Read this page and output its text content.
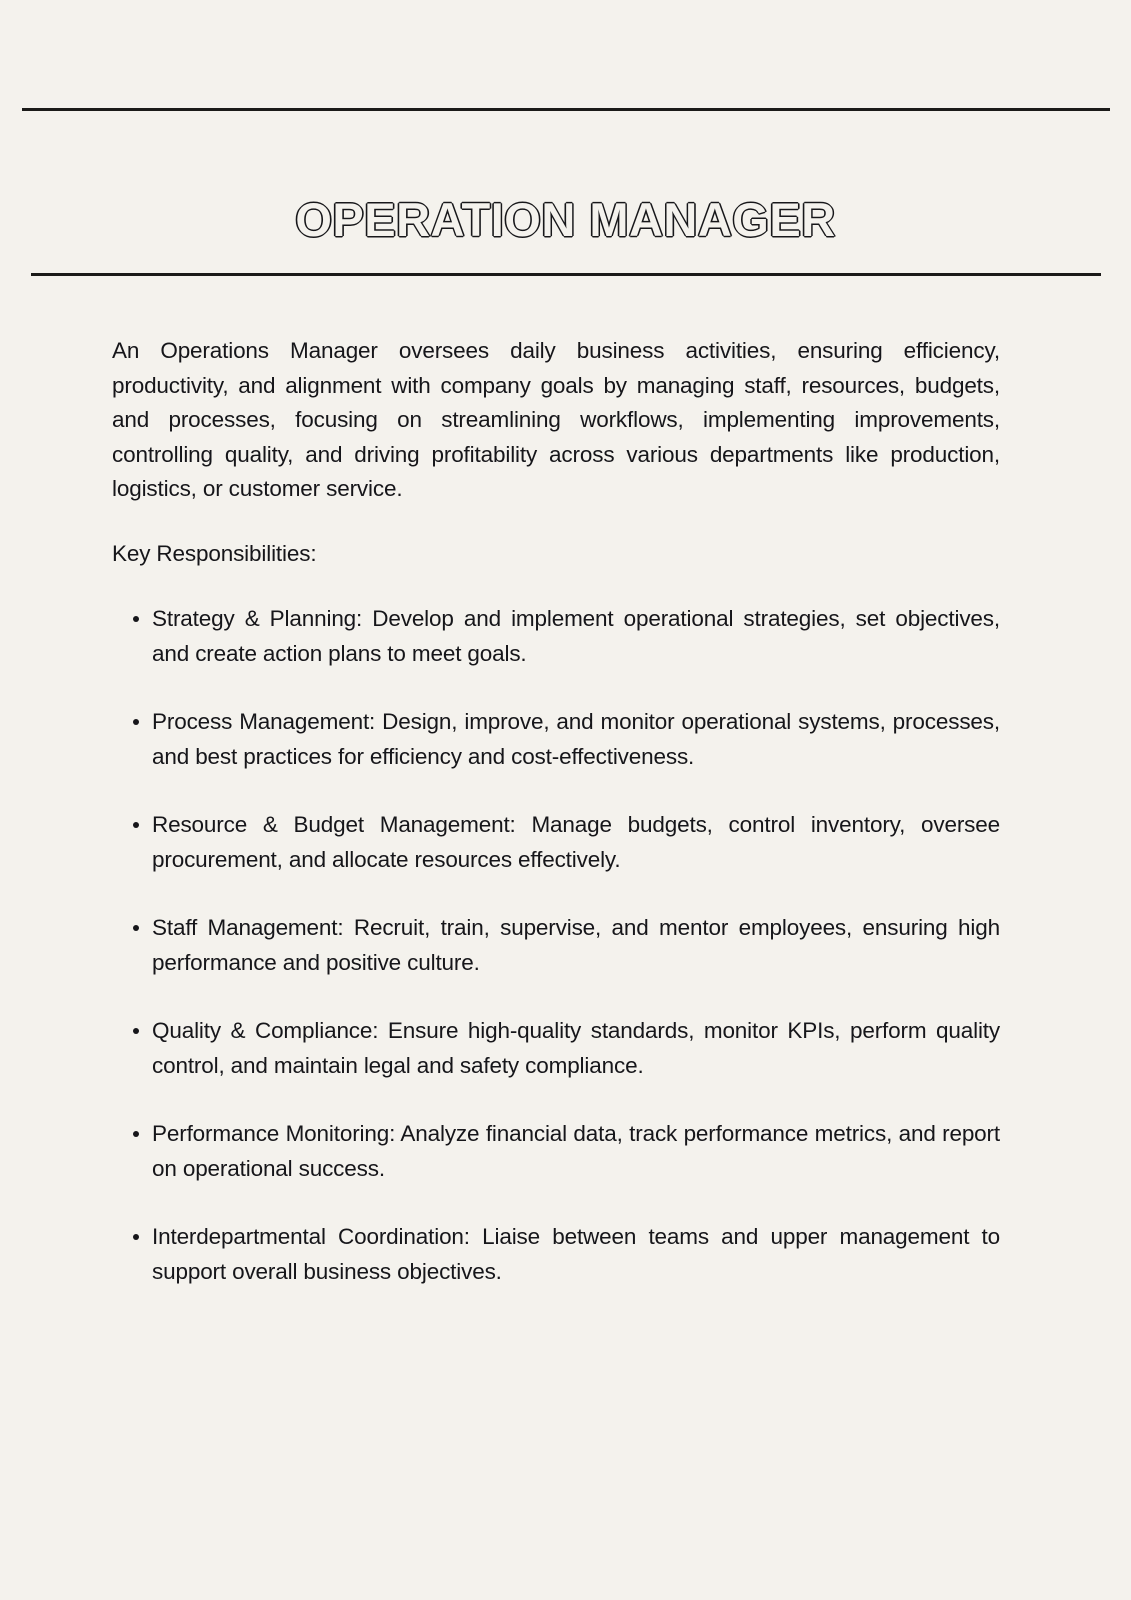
OPERATION MANAGER

An Operations Manager oversees daily business activities, ensuring efficiency, productivity, and alignment with company goals by managing staff, resources, budgets, and processes, focusing on streamlining workflows, implementing improvements, controlling quality, and driving profitability across various departments like production, logistics, or customer service.

Key Responsibilities:

Strategy & Planning: Develop and implement operational strategies, set objectives, and create action plans to meet goals.
Process Management: Design, improve, and monitor operational systems, processes, and best practices for efficiency and cost-effectiveness.
Resource & Budget Management: Manage budgets, control inventory, oversee procurement, and allocate resources effectively.
Staff Management: Recruit, train, supervise, and mentor employees, ensuring high performance and positive culture.
Quality & Compliance: Ensure high-quality standards, monitor KPIs, perform quality control, and maintain legal and safety compliance.
Performance Monitoring: Analyze financial data, track performance metrics, and report on operational success.
Interdepartmental Coordination: Liaise between teams and upper management to support overall business objectives.
